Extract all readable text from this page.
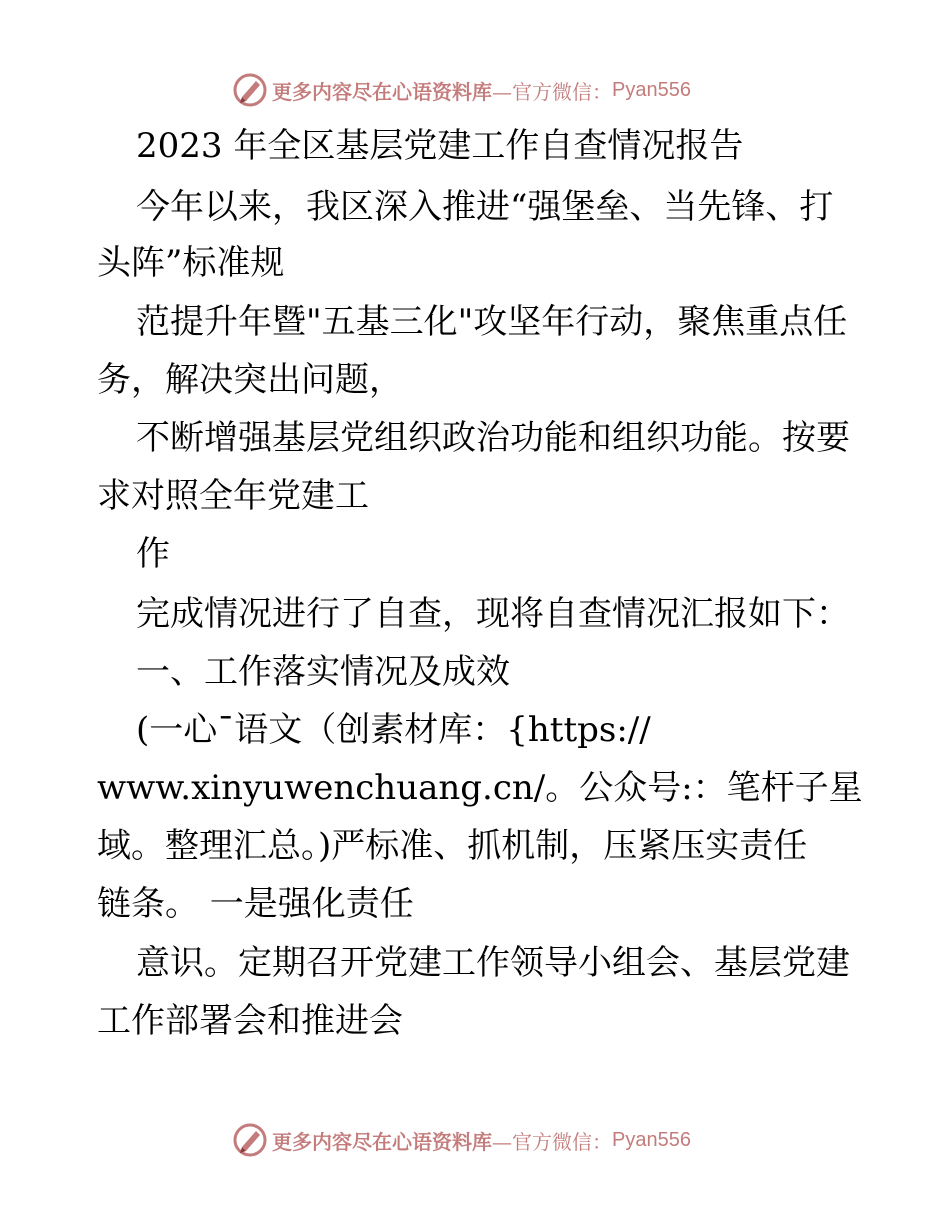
更多内容尽在心语资料库 —官方微信： Pyan556
2023 年全区基层党建工作自查情况报告
今年以来，我区深入推进“强堡垒、当先锋、打
头阵”标准规
范提升年暨"五基三化"攻坚年行动，聚焦重点任
务，解决突出问题，
不断增强基层党组织政治功能和组织功能。按要
求对照全年党建工
作
完成情况进行了自查，现将自查情况汇报如下：
一、工作落实情况及成效
(一心¯语文（创素材库：{https://
www.xinyuwenchuang.cn/。公众号:：笔杆子星
域。整理汇总。)严标准、抓机制，压紧压实责任
链条。 一是强化责任
意识。定期召开党建工作领导小组会、基层党建
工作部署会和推进会
更多内容尽在心语资料库 —官方微信： Pyan556
